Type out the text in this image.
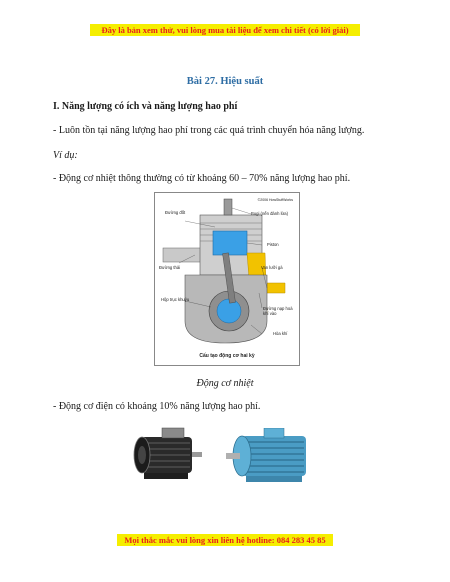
Đây là bản xem thử, vui lòng mua tài liệu để xem chi tiết (có lời giải)
Bài 27. Hiệu suất
I. Năng lượng có ích và năng lượng hao phí
- Luôn tồn tại năng lượng hao phí trong các quá trình chuyển hóa năng lượng.
Ví dụ:
- Động cơ nhiệt thông thường có từ khoảng 60 – 70% năng lượng hao phí.
©2006 HowStuffWorks
Đường đốt	Bugi (nến đánh lửa)
Piston
Đường thải	Van lưỡi gà
Hộp trục khuỷu
Đường nạp hoà khí vào
Hòa khí
Cấu tạo động cơ hai kỳ
Động cơ nhiệt
- Động cơ điện có khoảng 10% năng lượng hao phí.
Mọi thắc mắc vui lòng xin liên hệ hotline: 084 283 45 85
